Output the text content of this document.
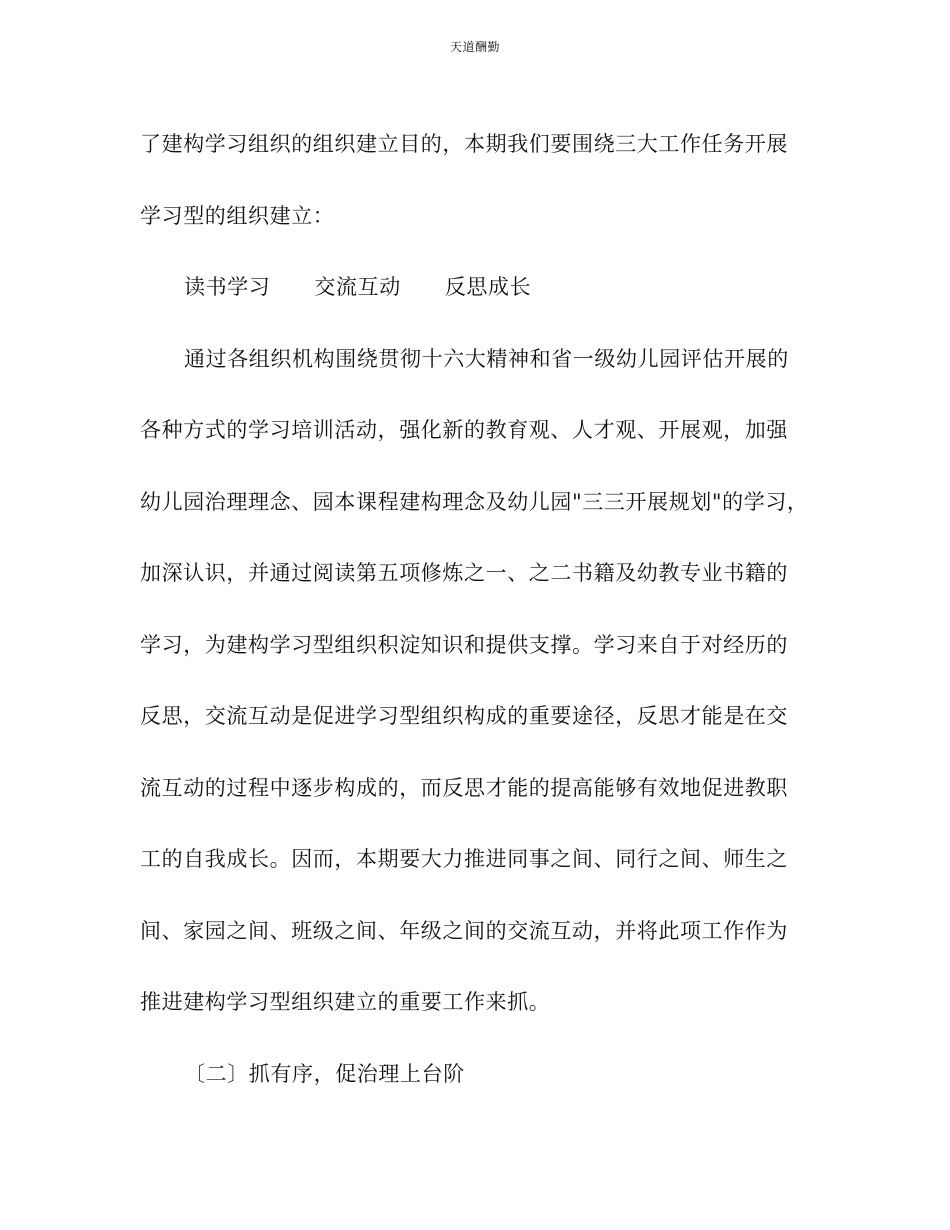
天道酬勤
了建构学习组织的组织建立目的，本期我们要围绕三大工作任务开展
学习型的组织建立：
读书学习 交流互动 反思成长
通过各组织机构围绕贯彻十六大精神和省一级幼儿园评估开展的
各种方式的学习培训活动，强化新的教育观、人才观、开展观，加强
幼儿园治理理念、园本课程建构理念及幼儿园"三三开展规划"的学习，
加深认识，并通过阅读第五项修炼之一、之二书籍及幼教专业书籍的
学习，为建构学习型组织积淀知识和提供支撑。学习来自于对经历的
反思，交流互动是促进学习型组织构成的重要途径，反思才能是在交
流互动的过程中逐步构成的，而反思才能的提高能够有效地促进教职
工的自我成长。因而，本期要大力推进同事之间、同行之间、师生之
间、家园之间、班级之间、年级之间的交流互动，并将此项工作作为
推进建构学习型组织建立的重要工作来抓。
〔二〕抓有序，促治理上台阶
